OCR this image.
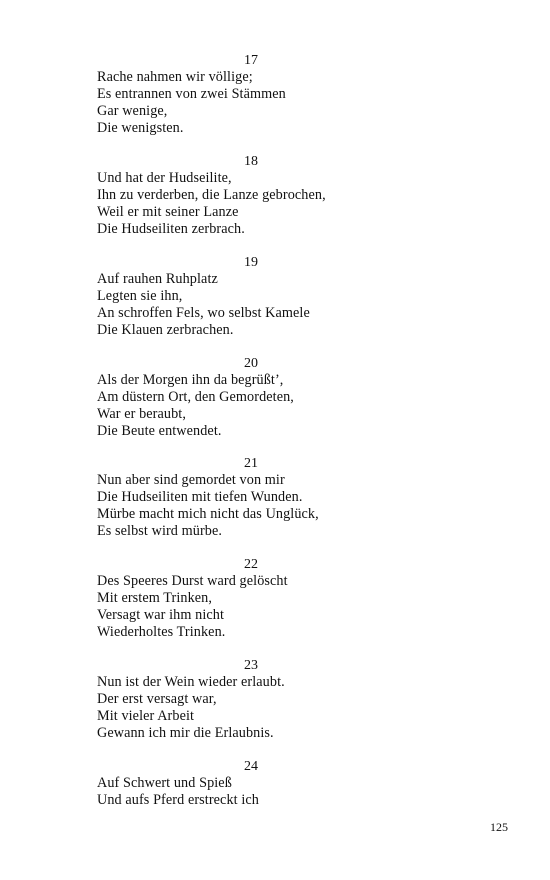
17
Rache nahmen wir völlige;
Es entrannen von zwei Stämmen
Gar wenige,
Die wenigsten.
18
Und hat der Hudseilite,
Ihn zu verderben, die Lanze gebrochen,
Weil er mit seiner Lanze
Die Hudseiliten zerbrach.
19
Auf rauhen Ruhplatz
Legten sie ihn,
An schroffen Fels, wo selbst Kamele
Die Klauen zerbrachen.
20
Als der Morgen ihn da begrüßt’,
Am düstern Ort, den Gemordeten,
War er beraubt,
Die Beute entwendet.
21
Nun aber sind gemordet von mir
Die Hudseiliten mit tiefen Wunden.
Mürbe macht mich nicht das Unglück,
Es selbst wird mürbe.
22
Des Speeres Durst ward gelöscht
Mit erstem Trinken,
Versagt war ihm nicht
Wiederholtes Trinken.
23
Nun ist der Wein wieder erlaubt.
Der erst versagt war,
Mit vieler Arbeit
Gewann ich mir die Erlaubnis.
24
Auf Schwert und Spieß
Und aufs Pferd erstreckt ich
125
